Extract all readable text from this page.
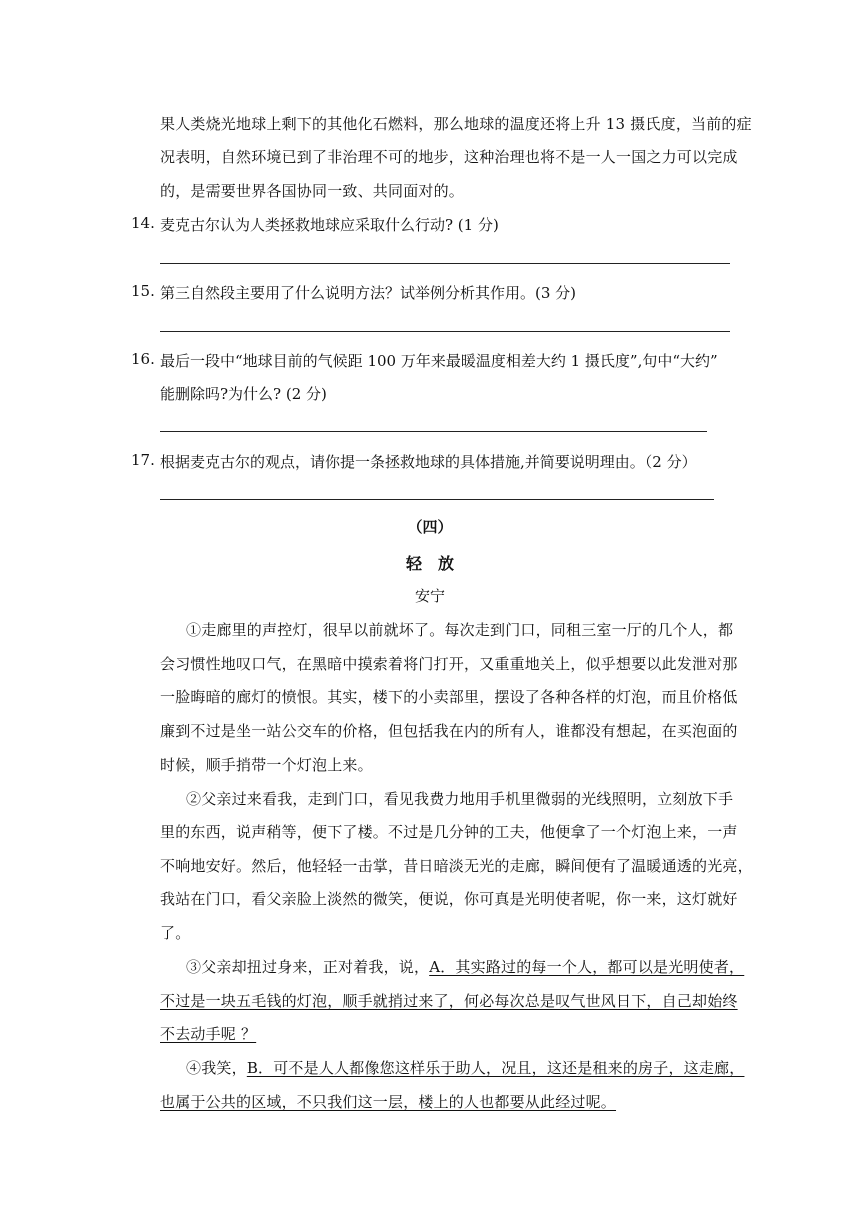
果人类烧光地球上剩下的其他化石燃料，那么地球的温度还将上升 13 摄氏度，当前的症
况表明，自然环境已到了非治理不可的地步，这种治理也将不是一人一国之力可以完成
的，是需要世界各国协同一致、共同面对的。
14. 麦克古尔认为人类拯救地球应采取什么行动? (1 分)
15. 第三自然段主要用了什么说明方法？试举例分析其作用。(3 分)
16. 最后一段中“地球目前的气候距 100 万年来最暖温度相差大约 1 摄氏度”,句中“大约”
能删除吗?为什么? (2 分)
17. 根据麦克古尔的观点，请你提一条拯救地球的具体措施,并简要说明理由。（2 分）
（四）
轻　放
安宁
①走廊里的声控灯，很早以前就坏了。每次走到门口，同租三室一厅的几个人，都
会习惯性地叹口气，在黑暗中摸索着将门打开，又重重地关上，似乎想要以此发泄对那
一脸晦暗的廊灯的愤恨。其实，楼下的小卖部里，摆设了各种各样的灯泡，而且价格低
廉到不过是坐一站公交车的价格，但包括我在内的所有人，谁都没有想起，在买泡面的
时候，顺手捎带一个灯泡上来。
②父亲过来看我，走到门口，看见我费力地用手机里微弱的光线照明，立刻放下手
里的东西，说声稍等，便下了楼。不过是几分钟的工夫，他便拿了一个灯泡上来，一声
不响地安好。然后，他轻轻一击掌，昔日暗淡无光的走廊，瞬间便有了温暖通透的光亮，
我站在门口，看父亲脸上淡然的微笑，便说，你可真是光明使者呢，你一来，这灯就好
了。
③父亲却扭过身来，正对着我，说，A．其实路过的每一个人，都可以是光明使者，
不过是一块五毛钱的灯泡，顺手就捎过来了，何必每次总是叹气世风日下，自己却始终
不去动手呢 ？
④我笑，B．可不是人人都像您这样乐于助人，况且，这还是租来的房子，这走廊，
也属于公共的区域，不只我们这一层，楼上的人也都要从此经过呢。
